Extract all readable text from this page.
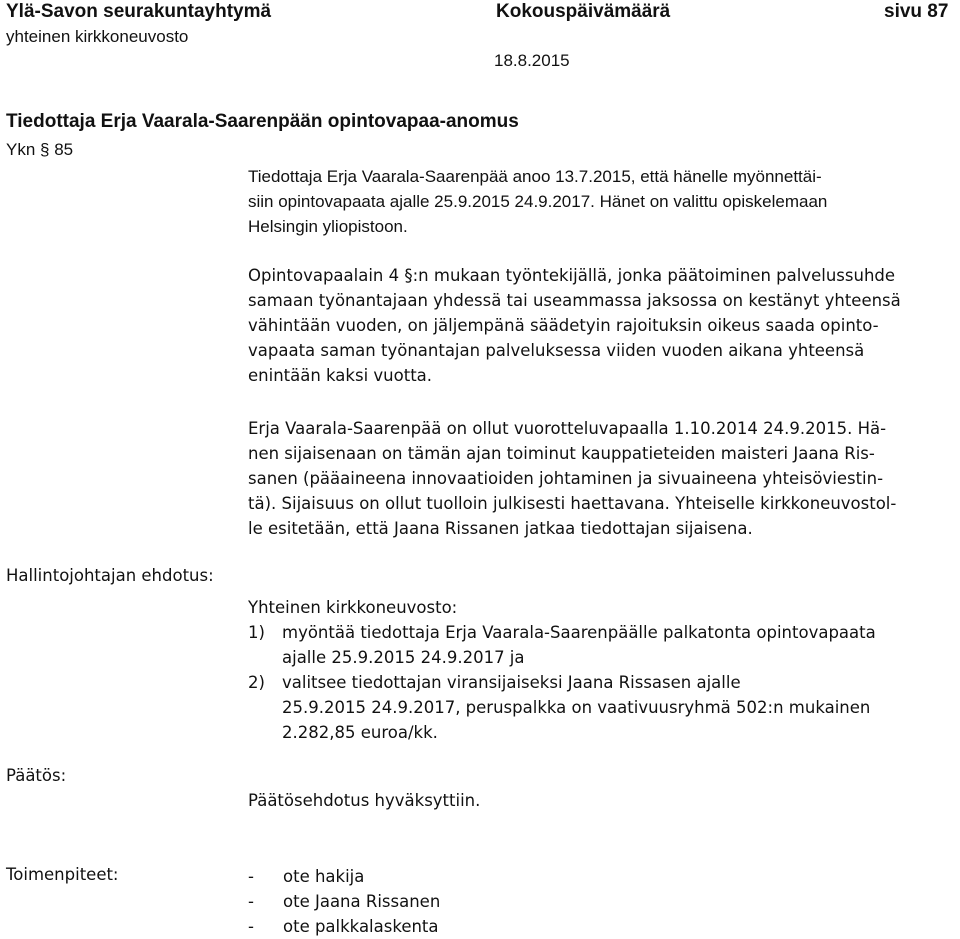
Ylä-Savon seurakuntayhtymä
yhteinen kirkkoneuvosto
Kokouspäivämäärä	sivu 87
18.8.2015
Tiedottaja Erja Vaarala-Saarenpään opintovapaa-anomus
Ykn § 85
Tiedottaja Erja Vaarala-Saarenpää anoo 13.7.2015, että hänelle myönnettäi-
siin opintovapaata ajalle 25.9.2015 24.9.2017. Hänet on valittu opiskelemaan
Helsingin yliopistoon.
Opintovapaalain 4 §:n mukaan työntekijällä, jonka päätoiminen palvelussuhde
samaan työnantajaan yhdessä tai useammassa jaksossa on kestänyt yhteensä
vähintään vuoden, on jäljempänä säädetyin rajoituksin oikeus saada opinto-
vapaata saman työnantajan palveluksessa viiden vuoden aikana yhteensä
enintään kaksi vuotta.
Erja Vaarala-Saarenpää on ollut vuorotteluvapaalla 1.10.2014 24.9.2015. Hä-
nen sijaisenaan on tämän ajan toiminut kauppatieteiden maisteri Jaana Ris-
sanen (pääaineena innovaatioiden johtaminen ja sivuaineena yhteisöviestin-
tä). Sijaisuus on ollut tuolloin julkisesti haettavana. Yhteiselle kirkkoneuvostol-
le esitetään, että Jaana Rissanen jatkaa tiedottajan sijaisena.
Hallintojohtajan ehdotus:
Yhteinen kirkkoneuvosto:
1)	myöntää tiedottaja Erja Vaarala-Saarenpäälle palkatonta opintovapaata
ajalle 25.9.2015 24.9.2017 ja
2)	valitsee tiedottajan viransijaiseksi Jaana Rissasen ajalle
25.9.2015 24.9.2017, peruspalkka on vaativuusryhmä 502:n mukainen
2.282,85 euroa/kk.
Päätös:
Päätösehdotus hyväksyttiin.
Toimenpiteet:	-	ote hakija
-	ote Jaana Rissanen
-	ote palkkalaskenta
